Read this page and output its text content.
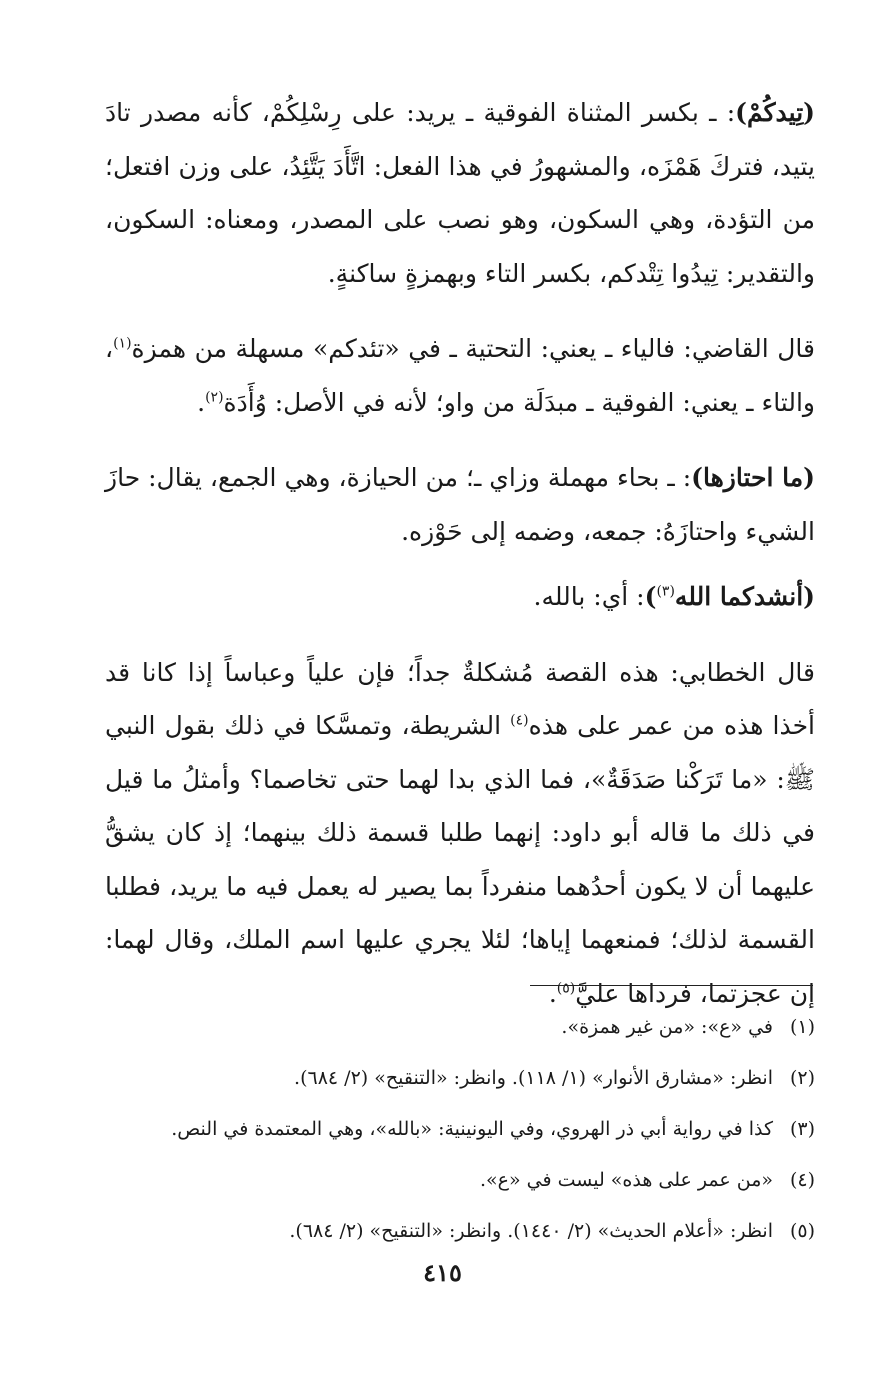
(تِيدكُمْ): ـ بكسر المثناة الفوقية ـ يريد: على رِسْلِكُمْ، كأنه مصدر تادَ يتيد، فتركَ هَمْزَه، والمشهورُ في هذا الفعل: اتَّأَدَ يَتَّئِدُ، على وزن افتعل؛ من التؤدة، وهي السكون، وهو نصب على المصدر، ومعناه: السكون، والتقدير: تِيدُوا تِتْدكم، بكسر التاء وبهمزةٍ ساكنةٍ.

قال القاضي: فالياء ـ يعني: التحتية ـ في «تئدكم» مسهلة من همزة$^{(١)}$، والتاء ـ يعني: الفوقية ـ مبدَلَة من واو؛ لأنه في الأصل: وُأَدَة$^{(٢)}$.

(ما احتازها): ـ بحاء مهملة وزاي ـ؛ من الحيازة، وهي الجمع، يقال: حازَ الشيء واحتازَهُ: جمعه، وضمه إلى حَوْزه.

(أنشدكما الله$^{(٣)}$): أي: بالله.

قال الخطابي: هذه القصة مُشكلةٌ جداً؛ فإن علياً وعباساً إذا كانا قد أخذا هذه من عمر على هذه$^{(٤)}$ الشريطة، وتمسَّكا في ذلك بقول النبي ﷺ: «ما تَرَكْنا صَدَقَةٌ»، فما الذي بدا لهما حتى تخاصما؟ وأمثلُ ما قيل في ذلك ما قاله أبو داود: إنهما طلبا قسمة ذلك بينهما؛ إذ كان يشقُّ عليهما أن لا يكون أحدُهما منفرداً بما يصير له يعمل فيه ما يريد، فطلبا القسمة لذلك؛ فمنعهما إياها؛ لئلا يجري عليها اسم الملك، وقال لهما: إن عجزتما، فرداها عليَّ$^{(٥)}$.

(١)في «ع»: «من غير همزة».

(٢)انظر: «مشارق الأنوار» (١/ ١١٨). وانظر: «التنقيح» (٢/ ٦٨٤).

(٣)كذا في رواية أبي ذر الهروي، وفي اليونينية: «بالله»، وهي المعتمدة في النص.

(٤)«من عمر على هذه» ليست في «ع».

(٥)انظر: «أعلام الحديث» (٢/ ١٤٤٠). وانظر: «التنقيح» (٢/ ٦٨٤).

٤١٥
